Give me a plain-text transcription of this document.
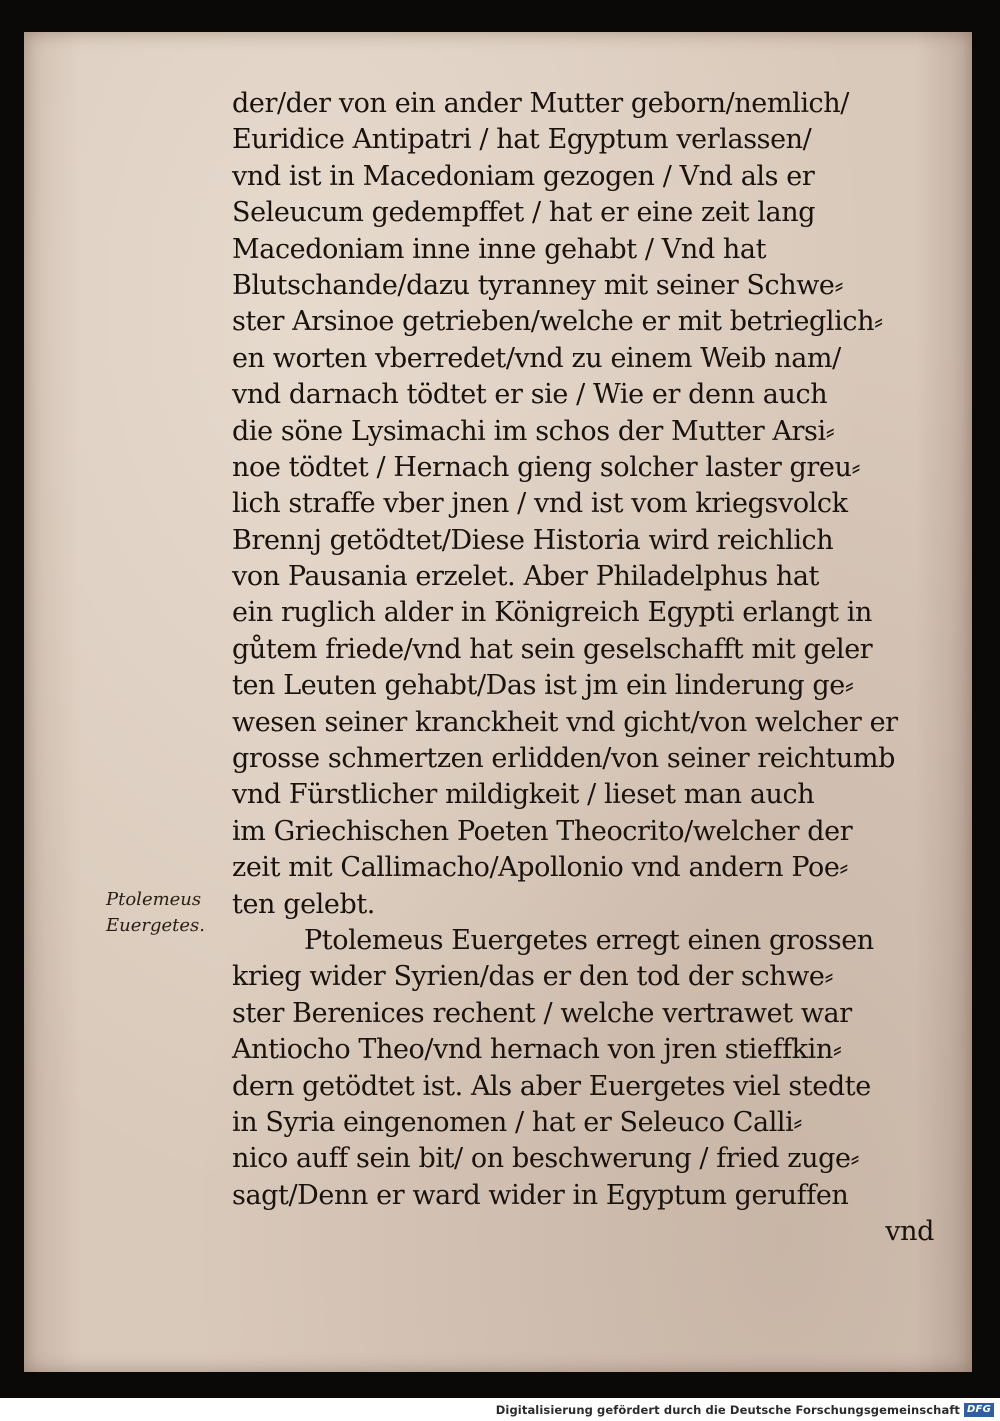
der/der von ein ander Mutter geborn/nemlich/
Euridice Antipatri / hat Egyptum verlassen/
vnd ist in Macedoniam gezogen / Vnd als er
Seleucum gedempffet / hat er eine zeit lang
Macedoniam inne inne gehabt / Vnd hat
Blutschande/dazu tyranney mit seiner Schwe⸗
ster Arsinoe getrieben/welche er mit betrieglich⸗
en worten vberredet/vnd zu einem Weib nam/
vnd darnach tödtet er sie / Wie er denn auch
die söne Lysimachi im schos der Mutter Arsi⸗
noe tödtet / Hernach gieng solcher laster greu⸗
lich straffe vber jnen / vnd ist vom kriegsvolck
Brennj getödtet/Diese Historia wird reichlich
von Pausania erzelet. Aber Philadelphus hat
ein ruglich alder in Königreich Egypti erlangt in
gůtem friede/vnd hat sein geselschafft mit geler
ten Leuten gehabt/Das ist jm ein linderung ge⸗
wesen seiner kranckheit vnd gicht/von welcher er
grosse schmertzen erlidden/von seiner reichtumb
vnd Fürstlicher mildigkeit / lieset man auch
im Griechischen Poeten Theocrito/welcher der
zeit mit Callimacho/Apollonio vnd andern Poe⸗
ten gelebt.
Ptolemeus Euergetes erregt einen grossen
krieg wider Syrien/das er den tod der schwe⸗
ster Berenices rechent / welche vertrawet war
Antiocho Theo/vnd hernach von jren stieffkin⸗
dern getödtet ist. Als aber Euergetes viel stedte
in Syria eingenomen / hat er Seleuco Calli⸗
nico auff sein bit/ on beschwerung / fried zuge⸗
sagt/Denn er ward wider in Egyptum geruffen
vnd
Ptolemeus
Euergetes.
Digitalisierung gefördert durch die Deutsche Forschungsgemeinschaft DFG
